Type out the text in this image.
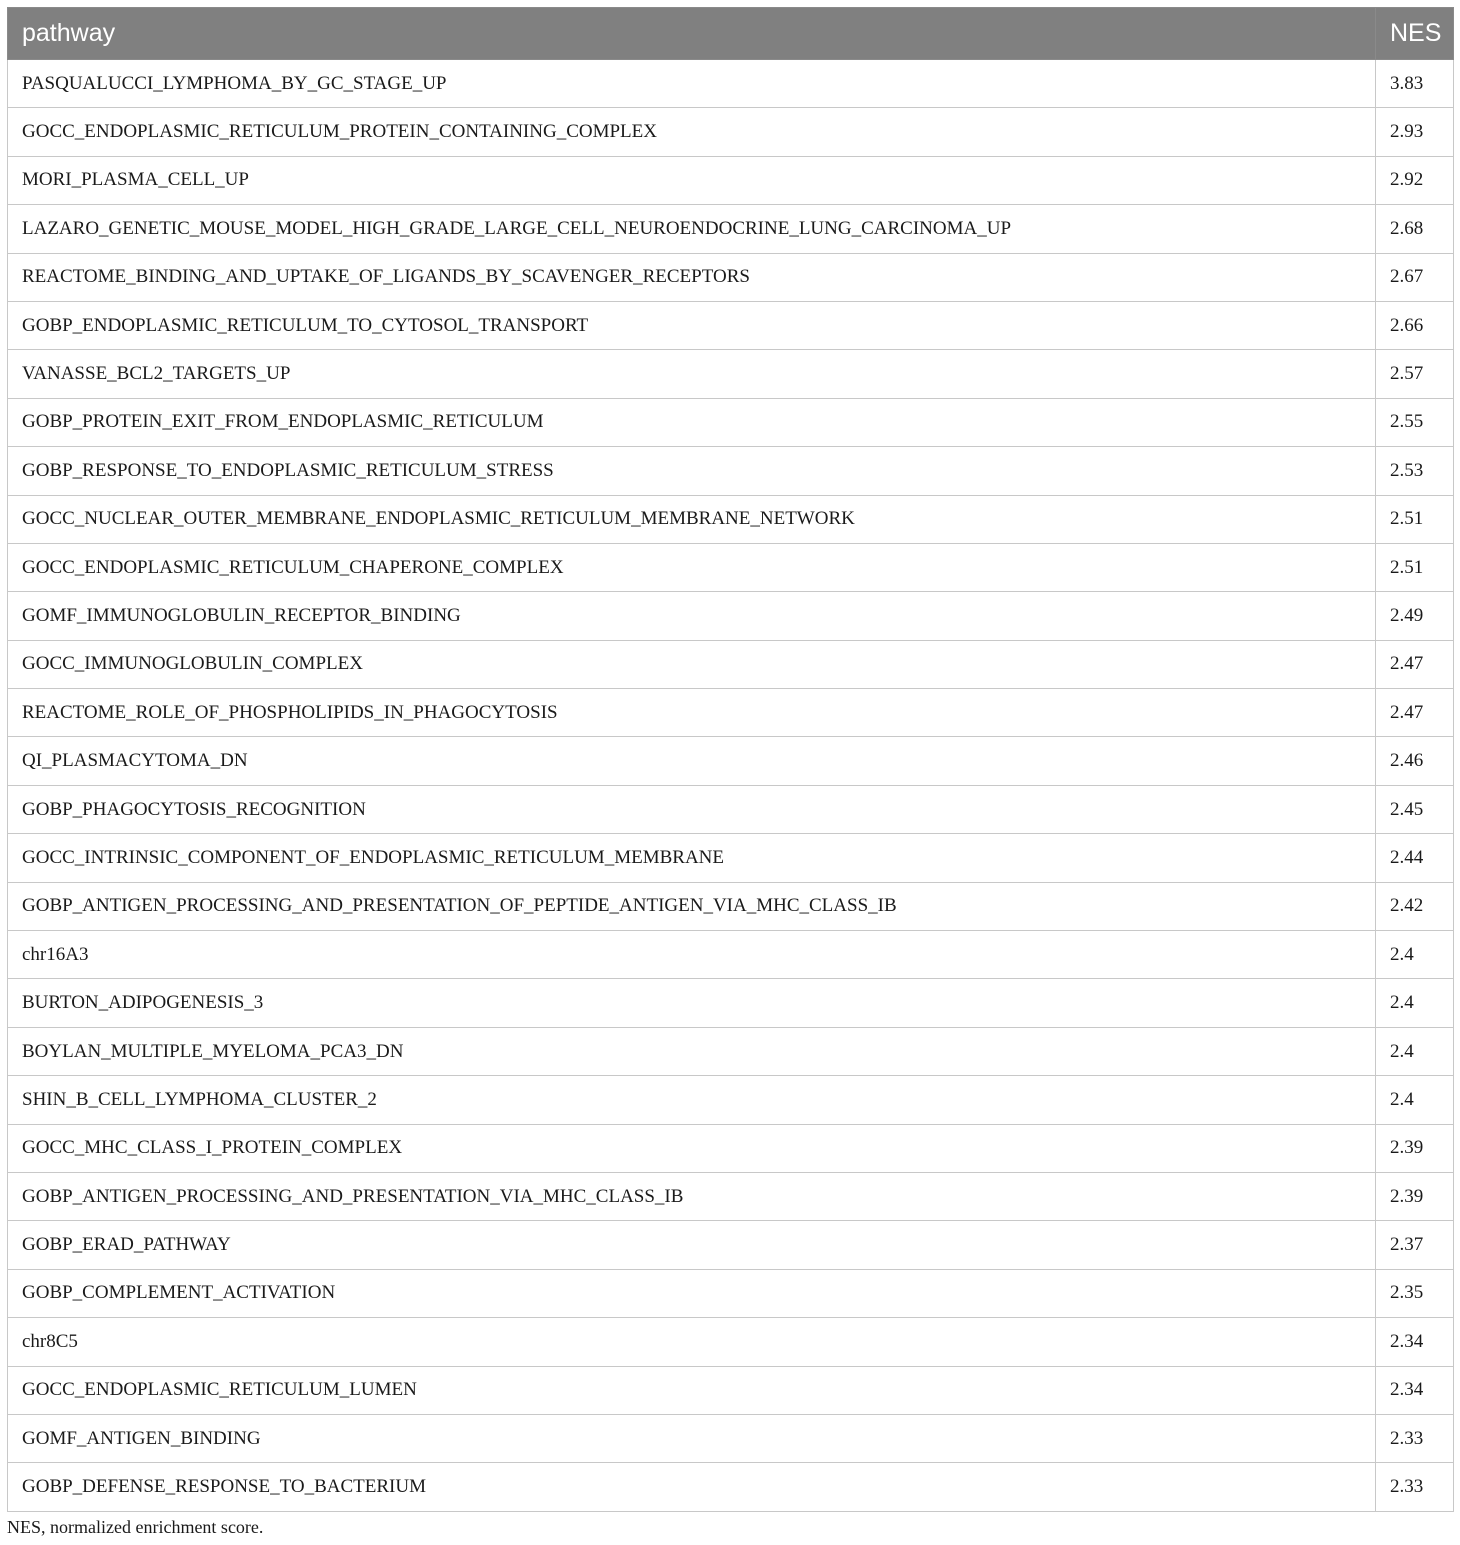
pathway	NES
PASQUALUCCI_LYMPHOMA_BY_GC_STAGE_UP	3.83
GOCC_ENDOPLASMIC_RETICULUM_PROTEIN_CONTAINING_COMPLEX	2.93
MORI_PLASMA_CELL_UP	2.92
LAZARO_GENETIC_MOUSE_MODEL_HIGH_GRADE_LARGE_CELL_NEUROENDOCRINE_LUNG_CARCINOMA_UP	2.68
REACTOME_BINDING_AND_UPTAKE_OF_LIGANDS_BY_SCAVENGER_RECEPTORS	2.67
GOBP_ENDOPLASMIC_RETICULUM_TO_CYTOSOL_TRANSPORT	2.66
VANASSE_BCL2_TARGETS_UP	2.57
GOBP_PROTEIN_EXIT_FROM_ENDOPLASMIC_RETICULUM	2.55
GOBP_RESPONSE_TO_ENDOPLASMIC_RETICULUM_STRESS	2.53
GOCC_NUCLEAR_OUTER_MEMBRANE_ENDOPLASMIC_RETICULUM_MEMBRANE_NETWORK	2.51
GOCC_ENDOPLASMIC_RETICULUM_CHAPERONE_COMPLEX	2.51
GOMF_IMMUNOGLOBULIN_RECEPTOR_BINDING	2.49
GOCC_IMMUNOGLOBULIN_COMPLEX	2.47
REACTOME_ROLE_OF_PHOSPHOLIPIDS_IN_PHAGOCYTOSIS	2.47
QI_PLASMACYTOMA_DN	2.46
GOBP_PHAGOCYTOSIS_RECOGNITION	2.45
GOCC_INTRINSIC_COMPONENT_OF_ENDOPLASMIC_RETICULUM_MEMBRANE	2.44
GOBP_ANTIGEN_PROCESSING_AND_PRESENTATION_OF_PEPTIDE_ANTIGEN_VIA_MHC_CLASS_IB	2.42
chr16A3	2.4
BURTON_ADIPOGENESIS_3	2.4
BOYLAN_MULTIPLE_MYELOMA_PCA3_DN	2.4
SHIN_B_CELL_LYMPHOMA_CLUSTER_2	2.4
GOCC_MHC_CLASS_I_PROTEIN_COMPLEX	2.39
GOBP_ANTIGEN_PROCESSING_AND_PRESENTATION_VIA_MHC_CLASS_IB	2.39
GOBP_ERAD_PATHWAY	2.37
GOBP_COMPLEMENT_ACTIVATION	2.35
chr8C5	2.34
GOCC_ENDOPLASMIC_RETICULUM_LUMEN	2.34
GOMF_ANTIGEN_BINDING	2.33
GOBP_DEFENSE_RESPONSE_TO_BACTERIUM	2.33
NES, normalized enrichment score.
